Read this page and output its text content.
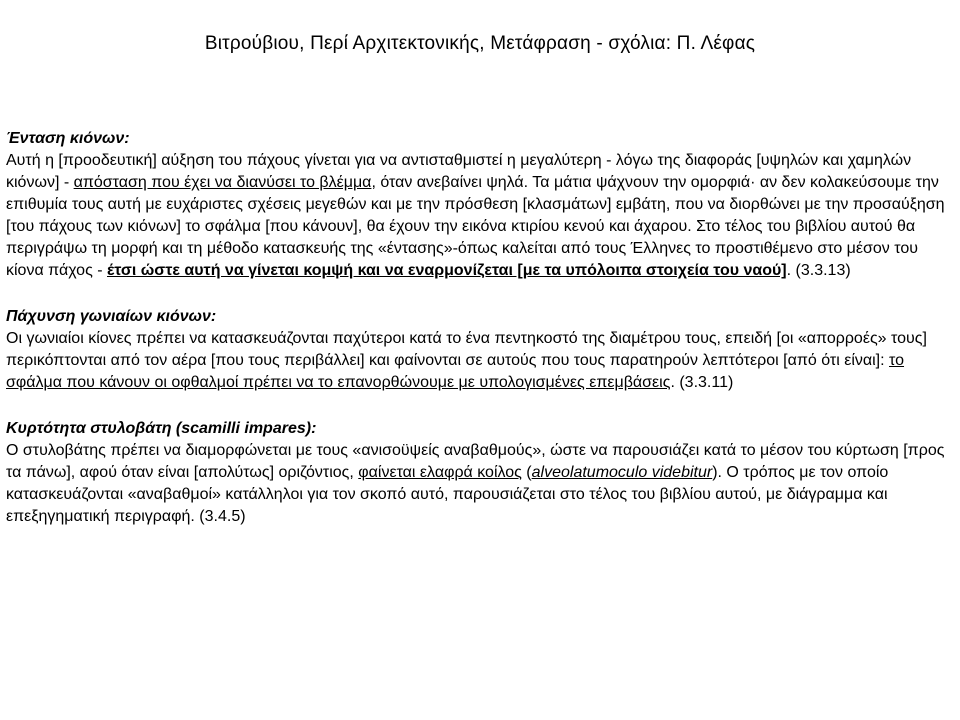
Βιτρούβιου, Περί Αρχιτεκτονικής, Μετάφραση - σχόλια: Π. Λέφας

Ένταση κιόνων:

Αυτή η [προοδευτική] αύξηση του πάχους γίνεται για να αντισταθμιστεί η μεγαλύτερη - λόγω της διαφοράς [υψηλών και χαμηλών κιόνων] - απόσταση που έχει να διανύσει το βλέμμα, όταν ανεβαίνει ψηλά. Τα μάτια ψάχνουν την ομορφιά· αν δεν κολακεύσουμε την επιθυμία τους αυτή με ευχάριστες σχέσεις μεγεθών και με την πρόσθεση [κλασμάτων] εμβάτη, που να διορθώνει με την προσαύξηση [του πάχους των κιόνων] το σφάλμα [που κάνουν], θα έχουν την εικόνα κτιρίου κενού και άχαρου. Στο τέλος του βιβλίου αυτού θα περιγράψω τη μορφή και τη μέθοδο κατασκευής της «έντασης»-όπως καλείται από τους Έλληνες το προστιθέμενο στο μέσον του κίονα πάχος - έτσι ώστε αυτή να γίνεται κομψή και να εναρμονίζεται [με τα υπόλοιπα στοιχεία του ναού]. (3.3.13)

Πάχυνση γωνιαίων κιόνων:

Οι γωνιαίοι κίονες πρέπει να κατασκευάζονται παχύτεροι κατά το ένα πεντηκοστό της διαμέτρου τους, επειδή [οι «απορροές» τους] περικόπτονται από τον αέρα [που τους περιβάλλει] και φαίνονται σε αυτούς που τους παρατηρούν λεπτότεροι [από ότι είναι]: το σφάλμα που κάνουν οι οφθαλμοί πρέπει να το επανορθώνουμε με υπολογισμένες επεμβάσεις. (3.3.11)

Κυρτότητα στυλοβάτη (scamilli impares):

Ο στυλοβάτης πρέπει να διαμορφώνεται με τους «ανισοϋψείς αναβαθμούς», ώστε να παρουσιάζει κατά το μέσον του κύρτωση [προς τα πάνω], αφού όταν είναι [απολύτως] οριζόντιος, φαίνεται ελαφρά κοίλος (alveolatumoculo videbitur). Ο τρόπος με τον οποίο κατασκευάζονται «αναβαθμοί» κατάλληλοι για τον σκοπό αυτό, παρουσιάζεται στο τέλος του βιβλίου αυτού, με διάγραμμα και επεξηγηματική περιγραφή. (3.4.5)
